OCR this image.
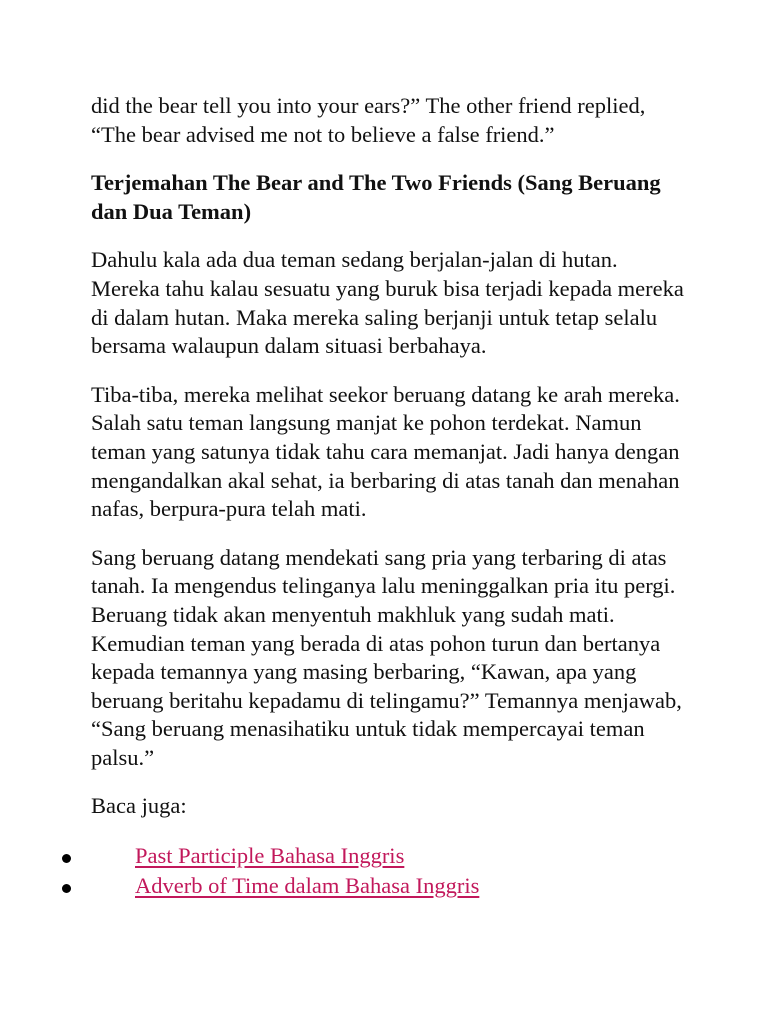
did the bear tell you into your ears?” The other friend replied, “The bear advised me not to believe a false friend.”

Terjemahan The Bear and The Two Friends (Sang Beruang dan Dua Teman)

Dahulu kala ada dua teman sedang berjalan-jalan di hutan. Mereka tahu kalau sesuatu yang buruk bisa terjadi kepada mereka di dalam hutan. Maka mereka saling berjanji untuk tetap selalu bersama walaupun dalam situasi berbahaya.

Tiba-tiba, mereka melihat seekor beruang datang ke arah mereka. Salah satu teman langsung manjat ke pohon terdekat. Namun teman yang satunya tidak tahu cara memanjat. Jadi hanya dengan mengandalkan akal sehat, ia berbaring di atas tanah dan menahan nafas, berpura-pura telah mati.

Sang beruang datang mendekati sang pria yang terbaring di atas tanah. Ia mengendus telinganya lalu meninggalkan pria itu pergi. Beruang tidak akan menyentuh makhluk yang sudah mati. Kemudian teman yang berada di atas pohon turun dan bertanya kepada temannya yang masing berbaring, “Kawan, apa yang beruang beritahu kepadamu di telingamu?” Temannya menjawab, “Sang beruang menasihatiku untuk tidak mempercayai teman palsu.”

Baca juga:

Past Participle Bahasa Inggris
Adverb of Time dalam Bahasa Inggris
